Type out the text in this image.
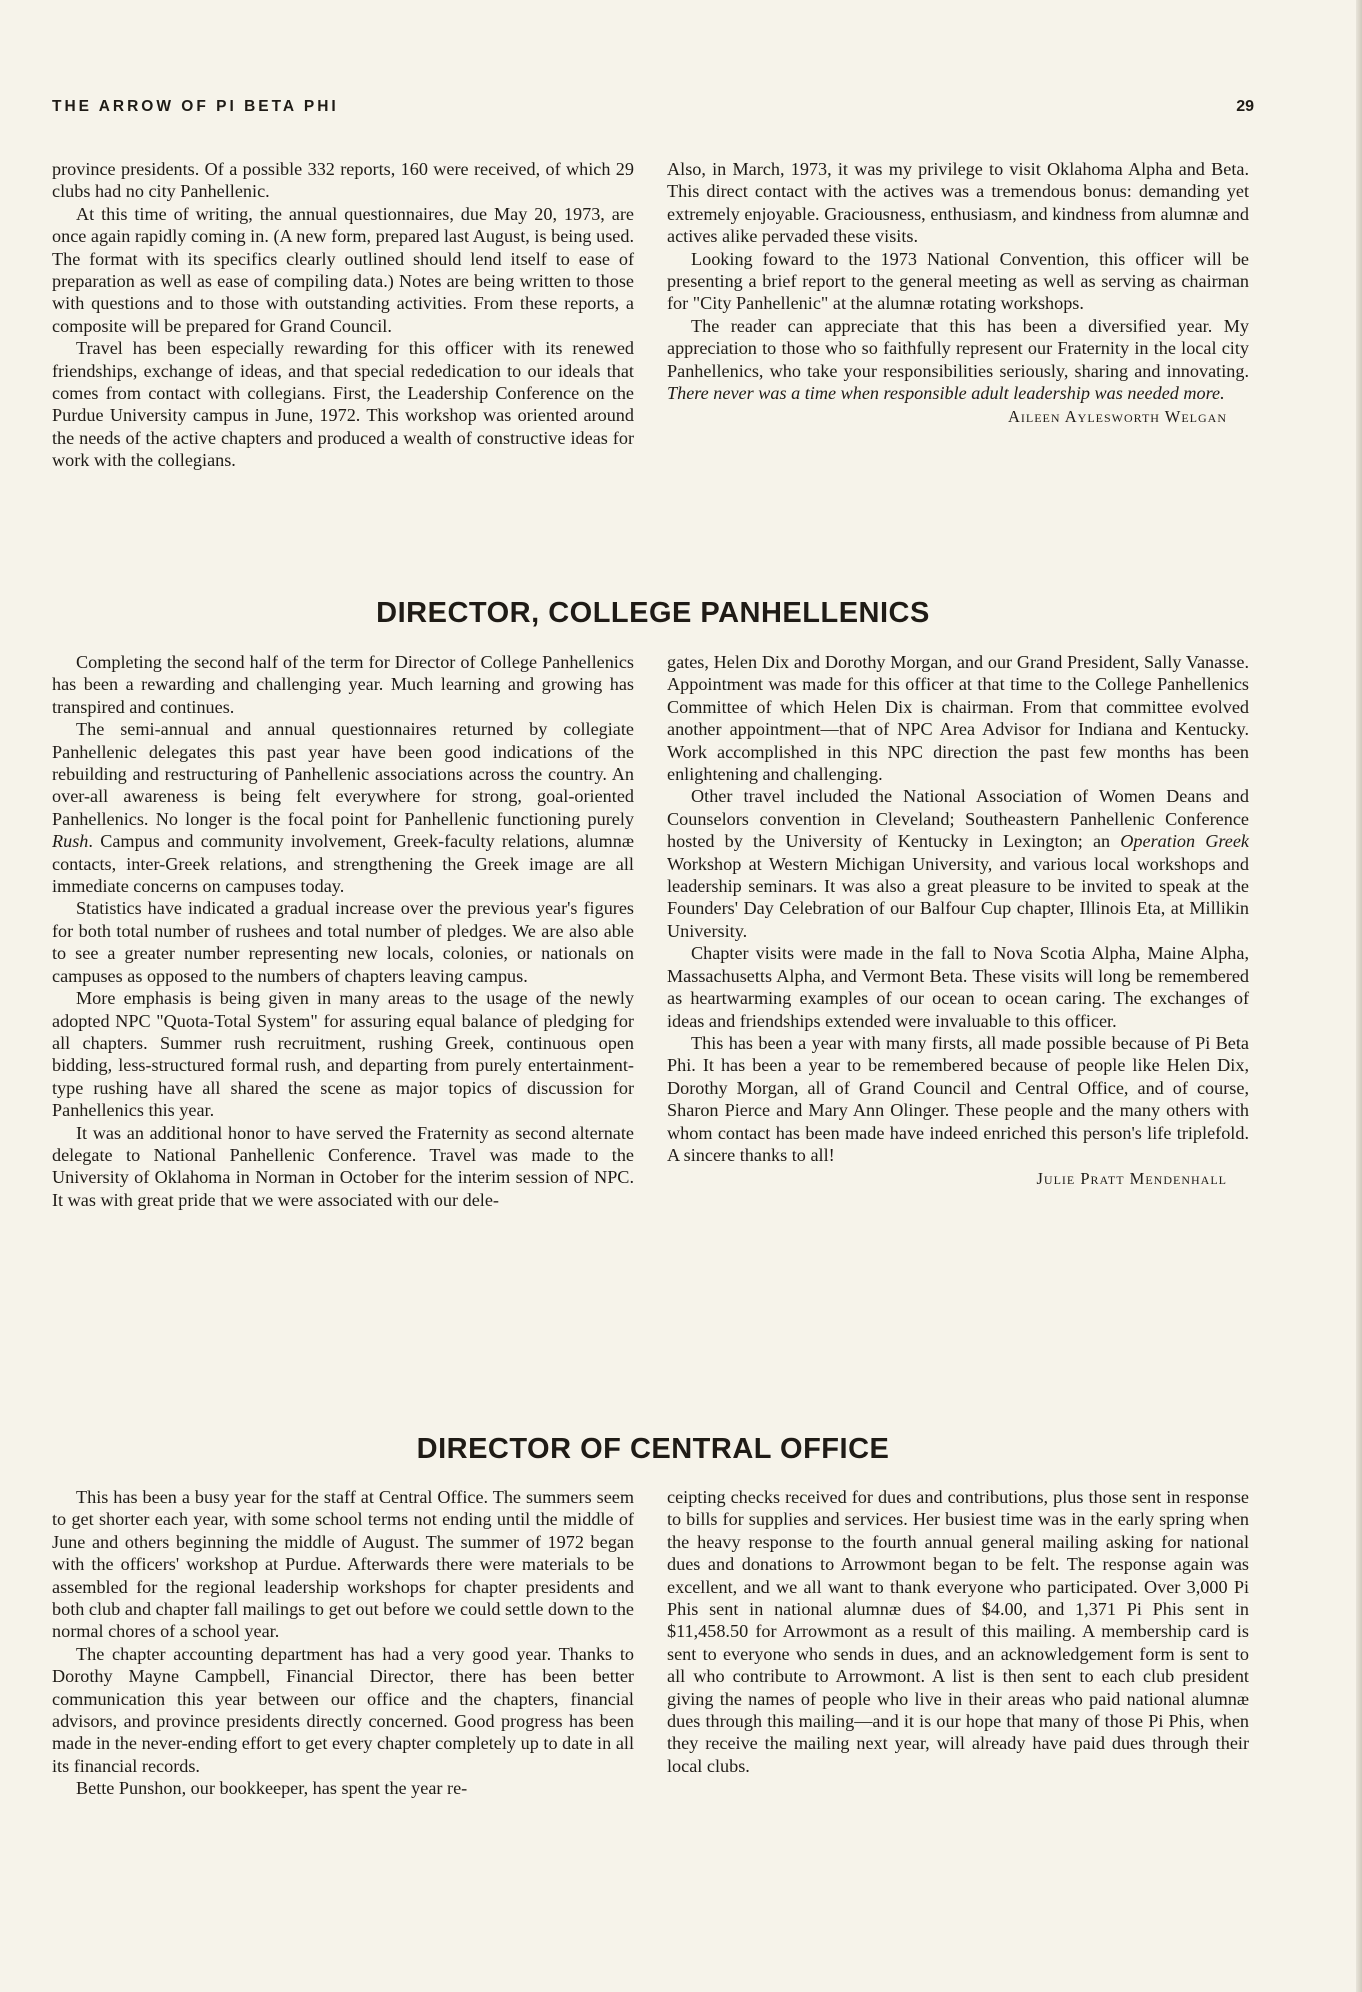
THE ARROW OF PI BETA PHI	29

province presidents. Of a possible 332 reports, 160 were received, of which 29 clubs had no city Panhellenic.

At this time of writing, the annual questionnaires, due May 20, 1973, are once again rapidly coming in. (A new form, prepared last August, is being used. The format with its specifics clearly outlined should lend itself to ease of preparation as well as ease of compiling data.) Notes are being written to those with questions and to those with outstanding activities. From these reports, a composite will be prepared for Grand Council.

Travel has been especially rewarding for this officer with its renewed friendships, exchange of ideas, and that special rededication to our ideals that comes from contact with collegians. First, the Leadership Conference on the Purdue University campus in June, 1972. This workshop was oriented around the needs of the active chapters and produced a wealth of constructive ideas for work with the collegians.

Also, in March, 1973, it was my privilege to visit Oklahoma Alpha and Beta. This direct contact with the actives was a tremendous bonus: demanding yet extremely enjoyable. Graciousness, enthusiasm, and kindness from alumnæ and actives alike pervaded these visits.

Looking foward to the 1973 National Convention, this officer will be presenting a brief report to the general meeting as well as serving as chairman for "City Panhellenic" at the alumnæ rotating workshops.

The reader can appreciate that this has been a diversified year. My appreciation to those who so faithfully represent our Fraternity in the local city Panhellenics, who take your responsibilities seriously, sharing and innovating. There never was a time when responsible adult leadership was needed more.

Aileen Aylesworth Welgan
DIRECTOR, COLLEGE PANHELLENICS

Completing the second half of the term for Director of College Panhellenics has been a rewarding and challenging year. Much learning and growing has transpired and continues.

The semi-annual and annual questionnaires returned by collegiate Panhellenic delegates this past year have been good indications of the rebuilding and restructuring of Panhellenic associations across the country. An over-all awareness is being felt everywhere for strong, goal-oriented Panhellenics. No longer is the focal point for Panhellenic functioning purely Rush. Campus and community involvement, Greek-faculty relations, alumnæ contacts, inter-Greek relations, and strengthening the Greek image are all immediate concerns on campuses today.

Statistics have indicated a gradual increase over the previous year's figures for both total number of rushees and total number of pledges. We are also able to see a greater number representing new locals, colonies, or nationals on campuses as opposed to the numbers of chapters leaving campus.

More emphasis is being given in many areas to the usage of the newly adopted NPC "Quota-Total System" for assuring equal balance of pledging for all chapters. Summer rush recruitment, rushing Greek, continuous open bidding, less-structured formal rush, and departing from purely entertainment-type rushing have all shared the scene as major topics of discussion for Panhellenics this year.

It was an additional honor to have served the Fraternity as second alternate delegate to National Panhellenic Conference. Travel was made to the University of Oklahoma in Norman in October for the interim session of NPC. It was with great pride that we were associated with our dele-

gates, Helen Dix and Dorothy Morgan, and our Grand President, Sally Vanasse. Appointment was made for this officer at that time to the College Panhellenics Committee of which Helen Dix is chairman. From that committee evolved another appointment—that of NPC Area Advisor for Indiana and Kentucky. Work accomplished in this NPC direction the past few months has been enlightening and challenging.

Other travel included the National Association of Women Deans and Counselors convention in Cleveland; Southeastern Panhellenic Conference hosted by the University of Kentucky in Lexington; an Operation Greek Workshop at Western Michigan University, and various local workshops and leadership seminars. It was also a great pleasure to be invited to speak at the Founders' Day Celebration of our Balfour Cup chapter, Illinois Eta, at Millikin University.

Chapter visits were made in the fall to Nova Scotia Alpha, Maine Alpha, Massachusetts Alpha, and Vermont Beta. These visits will long be remembered as heartwarming examples of our ocean to ocean caring. The exchanges of ideas and friendships extended were invaluable to this officer.

This has been a year with many firsts, all made possible because of Pi Beta Phi. It has been a year to be remembered because of people like Helen Dix, Dorothy Morgan, all of Grand Council and Central Office, and of course, Sharon Pierce and Mary Ann Olinger. These people and the many others with whom contact has been made have indeed enriched this person's life triplefold. A sincere thanks to all!

Julie Pratt Mendenhall
DIRECTOR OF CENTRAL OFFICE

This has been a busy year for the staff at Central Office. The summers seem to get shorter each year, with some school terms not ending until the middle of June and others beginning the middle of August. The summer of 1972 began with the officers' workshop at Purdue. Afterwards there were materials to be assembled for the regional leadership workshops for chapter presidents and both club and chapter fall mailings to get out before we could settle down to the normal chores of a school year.

The chapter accounting department has had a very good year. Thanks to Dorothy Mayne Campbell, Financial Director, there has been better communication this year between our office and the chapters, financial advisors, and province presidents directly concerned. Good progress has been made in the never-ending effort to get every chapter completely up to date in all its financial records.

Bette Punshon, our bookkeeper, has spent the year re-

ceipting checks received for dues and contributions, plus those sent in response to bills for supplies and services. Her busiest time was in the early spring when the heavy response to the fourth annual general mailing asking for national dues and donations to Arrowmont began to be felt. The response again was excellent, and we all want to thank everyone who participated. Over 3,000 Pi Phis sent in national alumnæ dues of $4.00, and 1,371 Pi Phis sent in $11,458.50 for Arrowmont as a result of this mailing. A membership card is sent to everyone who sends in dues, and an acknowledgement form is sent to all who contribute to Arrowmont. A list is then sent to each club president giving the names of people who live in their areas who paid national alumnæ dues through this mailing—and it is our hope that many of those Pi Phis, when they receive the mailing next year, will already have paid dues through their local clubs.
